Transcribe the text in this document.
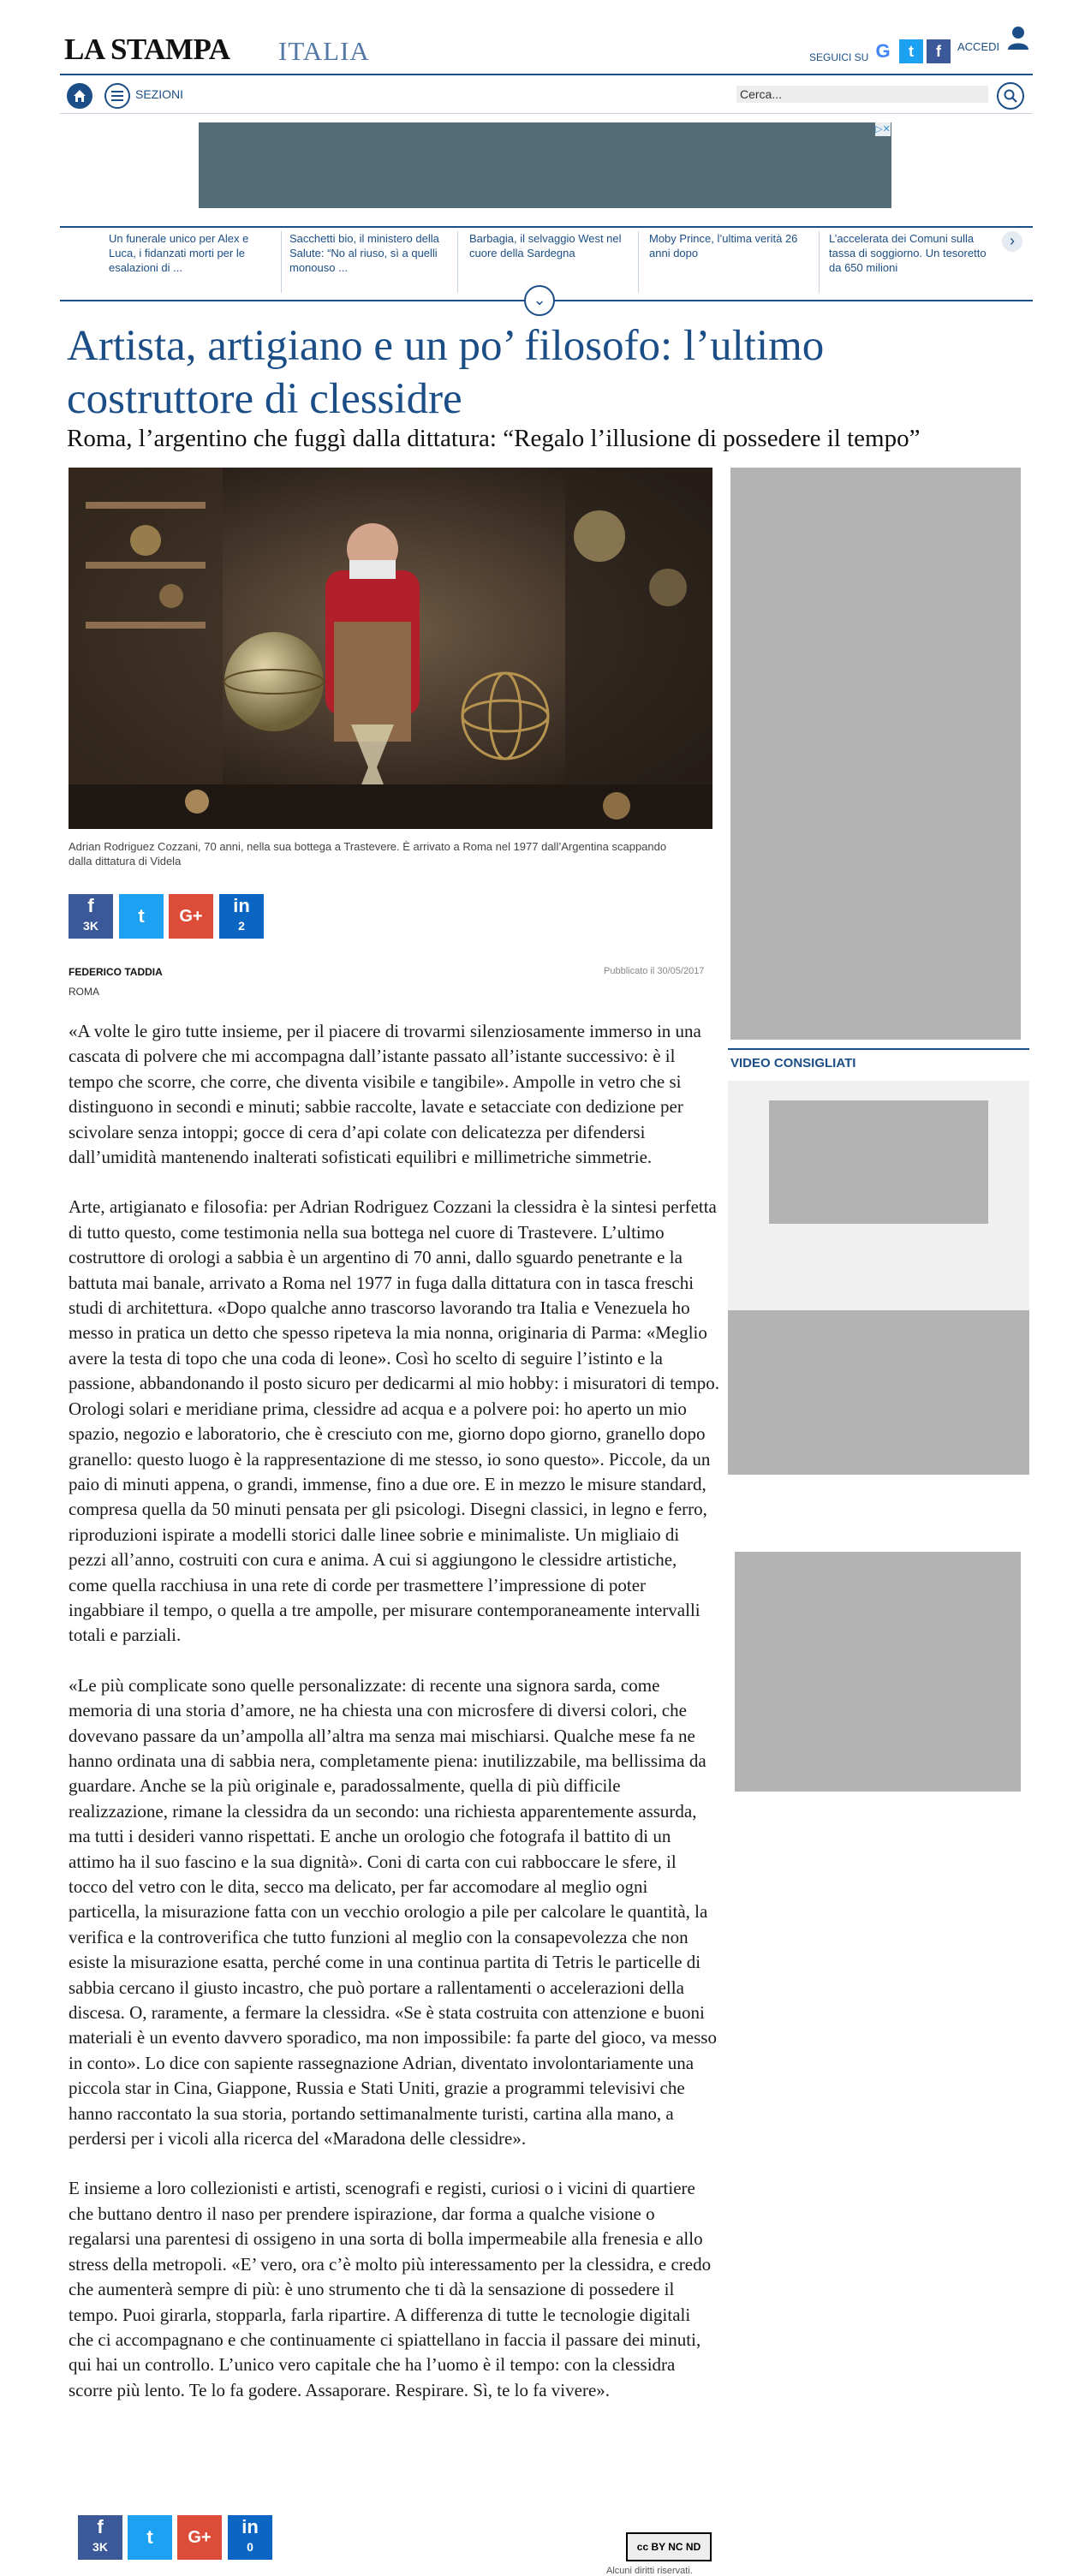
LA STAMPA ITALIA	SEGUICI SU G	t	f	ACCEDI
SEZIONI	Cerca...
▷✕
Un funerale unico per Alex e Luca, i fidanzati morti per le esalazioni di ...
Sacchetti bio, il ministero della Salute: “No al riuso, sì a quelli monouso ...
Barbagia, il selvaggio West nel cuore della Sardegna
Moby Prince, l’ultima verità 26 anni dopo
L’accelerata dei Comuni sulla tassa di soggiorno. Un tesoretto da 650 milioni
›
⌄
Artista, artigiano e un po’ filosofo: l’ultimo costruttore di clessidre
Roma, l’argentino che fuggì dalla dittatura: “Regalo l’illusione di possedere il tempo”
Adrian Rodriguez Cozzani, 70 anni, nella sua bottega a Trastevere. È arrivato a Roma nel 1977 dall’Argentina scappando dalla dittatura di Videla
f
3K	t	G+	in
2
FEDERICO TADDIA
ROMA
Pubblicato il 30/05/2017

«A volte le giro tutte insieme, per il piacere di trovarmi silenziosamente immerso in una cascata di polvere che mi accompagna dall’istante passato all’istante successivo: è il tempo che scorre, che corre, che diventa visibile e tangibile». Ampolle in vetro che si distinguono in secondi e minuti; sabbie raccolte, lavate e setacciate con dedizione per scivolare senza intoppi; gocce di cera d’api colate con delicatezza per difendersi dall’umidità mantenendo inalterati sofisticati equilibri e millimetriche simmetrie.

Arte, artigianato e filosofia: per Adrian Rodriguez Cozzani la clessidra è la sintesi perfetta di tutto questo, come testimonia nella sua bottega nel cuore di Trastevere. L’ultimo costruttore di orologi a sabbia è un argentino di 70 anni, dallo sguardo penetrante e la battuta mai banale, arrivato a Roma nel 1977 in fuga dalla dittatura con in tasca freschi studi di architettura. «Dopo qualche anno trascorso lavorando tra Italia e Venezuela ho messo in pratica un detto che spesso ripeteva la mia nonna, originaria di Parma: «Meglio avere la testa di topo che una coda di leone». Così ho scelto di seguire l’istinto e la passione, abbandonando il posto sicuro per dedicarmi al mio hobby: i misuratori di tempo. Orologi solari e meridiane prima, clessidre ad acqua e a polvere poi: ho aperto un mio spazio, negozio e laboratorio, che è cresciuto con me, giorno dopo giorno, granello dopo granello: questo luogo è la rappresentazione di me stesso, io sono questo». Piccole, da un paio di minuti appena, o grandi, immense, fino a due ore. E in mezzo le misure standard, compresa quella da 50 minuti pensata per gli psicologi. Disegni classici, in legno e ferro, riproduzioni ispirate a modelli storici dalle linee sobrie e minimaliste. Un migliaio di pezzi all’anno, costruiti con cura e anima. A cui si aggiungono le clessidre artistiche, come quella racchiusa in una rete di corde per trasmettere l’impressione di poter ingabbiare il tempo, o quella a tre ampolle, per misurare contemporaneamente intervalli totali e parziali.

«Le più complicate sono quelle personalizzate: di recente una signora sarda, come memoria di una storia d’amore, ne ha chiesta una con microsfere di diversi colori, che dovevano passare da un’ampolla all’altra ma senza mai mischiarsi. Qualche mese fa ne hanno ordinata una di sabbia nera, completamente piena: inutilizzabile, ma bellissima da guardare. Anche se la più originale e, paradossalmente, quella di più difficile realizzazione, rimane la clessidra da un secondo: una richiesta apparentemente assurda, ma tutti i desideri vanno rispettati. E anche un orologio che fotografa il battito di un attimo ha il suo fascino e la sua dignità». Coni di carta con cui rabboccare le sfere, il tocco del vetro con le dita, secco ma delicato, per far accomodare al meglio ogni particella, la misurazione fatta con un vecchio orologio a pile per calcolare le quantità, la verifica e la controverifica che tutto funzioni al meglio con la consapevolezza che non esiste la misurazione esatta, perché come in una continua partita di Tetris le particelle di sabbia cercano il giusto incastro, che può portare a rallentamenti o accelerazioni della discesa. O, raramente, a fermare la clessidra. «Se è stata costruita con attenzione e buoni materiali è un evento davvero sporadico, ma non impossibile: fa parte del gioco, va messo in conto». Lo dice con sapiente rassegnazione Adrian, diventato involontariamente una piccola star in Cina, Giappone, Russia e Stati Uniti, grazie a programmi televisivi che hanno raccontato la sua storia, portando settimanalmente turisti, cartina alla mano, a perdersi per i vicoli alla ricerca del «Maradona delle clessidre».

E insieme a loro collezionisti e artisti, scenografi e registi, curiosi o i vicini di quartiere che buttano dentro il naso per prendere ispirazione, dar forma a qualche visione o regalarsi una parentesi di ossigeno in una sorta di bolla impermeabile alla frenesia e allo stress della metropoli. «E’ vero, ora c’è molto più interessamento per la clessidra, e credo che aumenterà sempre di più: è uno strumento che ti dà la sensazione di possedere il tempo. Puoi girarla, stopparla, farla ripartire. A differenza di tutte le tecnologie digitali che ci accompagnano e che continuamente ci spiattellano in faccia il passare dei minuti, qui hai un controllo. L’unico vero capitale che ha l’uomo è il tempo: con la clessidra scorre più lento. Te lo fa godere. Assaporare. Respirare. Sì, te lo fa vivere».

VIDEO CONSIGLIATI
f
3K	t	G+	in
0	cc BY NC ND
Alcuni diritti riservati.
